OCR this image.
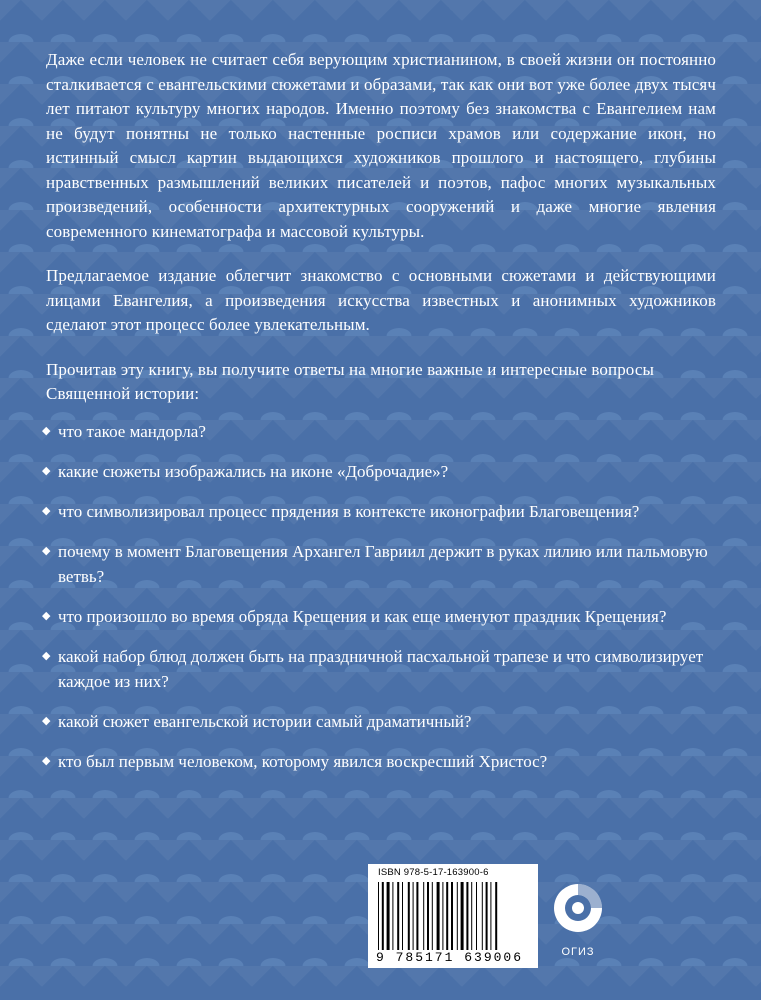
Даже если человек не считает себя верующим христианином, в своей жизни он постоянно сталкивается с евангельскими сюжетами и образами, так как они вот уже более двух тысяч лет питают культуру многих народов. Именно поэтому без знакомства с Евангелием нам не будут понятны не только настенные росписи храмов или содержание икон, но истинный смысл картин выдающихся художников прошлого и настоящего, глубины нравственных размышлений великих писателей и поэтов, пафос многих музыкальных произведений, особенности архитектурных сооружений и даже многие явления современного кинематографа и массовой культуры.

Предлагаемое издание облегчит знакомство с основными сюжетами и действующими лицами Евангелия, а произведения искусства известных и анонимных художников сделают этот процесс более увлекательным.

Прочитав эту книгу, вы получите ответы на многие важные и интересные вопросы Священной истории:

◆ что такое мандорла?
◆ какие сюжеты изображались на иконе «Доброчадие»?
◆ что символизировал процесс прядения в контексте иконографии Благовещения?
◆ почему в момент Благовещения Архангел Гавриил держит в руках лилию или пальмовую ветвь?
◆ что произошло во время обряда Крещения и как еще именуют праздник Крещения?
◆ какой набор блюд должен быть на праздничной пасхальной трапезе и что символизирует каждое из них?
◆ какой сюжет евангельской истории самый драматичный?
◆ кто был первым человеком, которому явился воскресший Христос?
ISBN 978-5-17-163900-6
9 785171 639006	ОГИЗ
